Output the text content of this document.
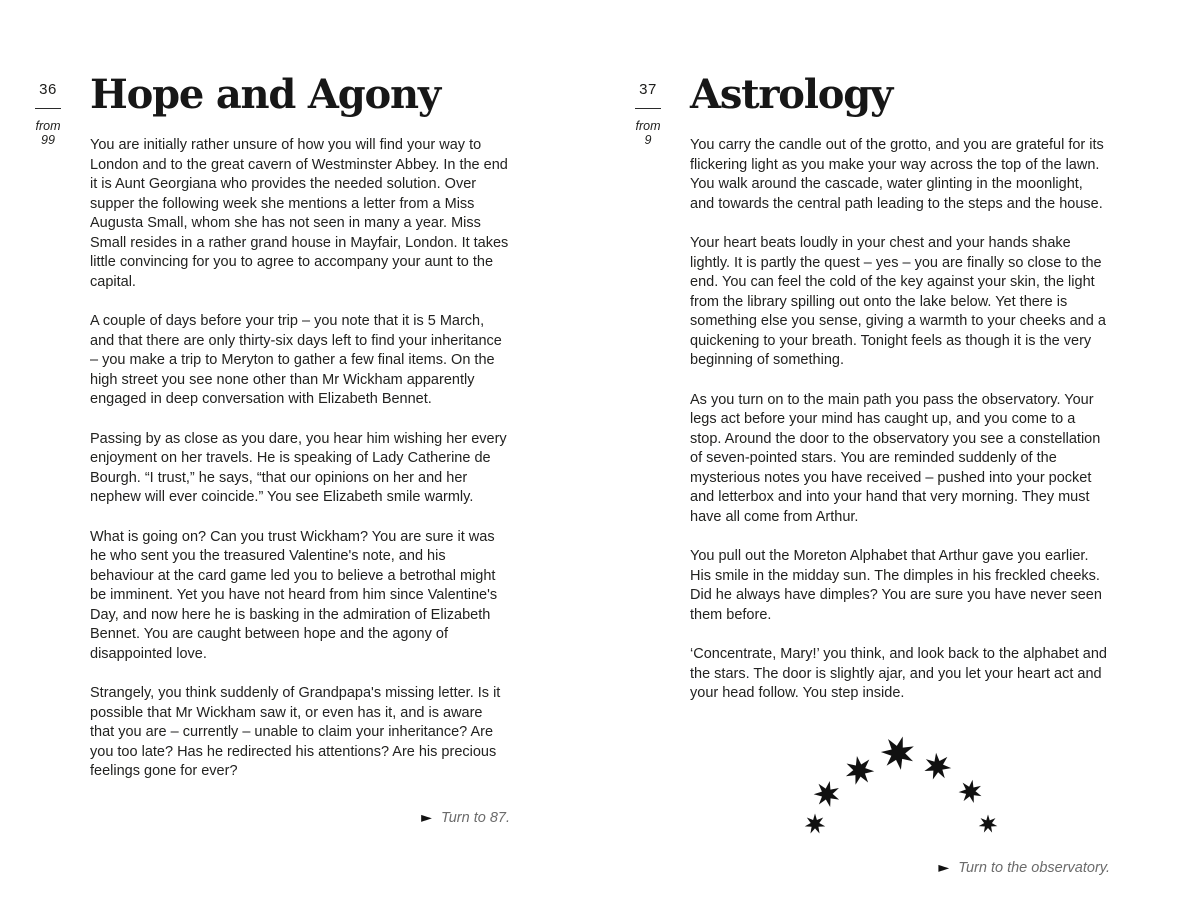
36
from
99
Hope and Agony

You are initially rather unsure of how you will find your way to London and to the great cavern of Westminster Abbey. In the end it is Aunt Georgiana who provides the needed solution. Over supper the following week she mentions a letter from a Miss Augusta Small, whom she has not seen in many a year. Miss Small resides in a rather grand house in Mayfair, London. It takes little convincing for you to agree to accompany your aunt to the capital.

A couple of days before your trip – you note that it is 5 March, and that there are only thirty-six days left to find your inheritance – you make a trip to Meryton to gather a few final items. On the high street you see none other than Mr Wickham apparently engaged in deep conversation with Elizabeth Bennet.

Passing by as close as you dare, you hear him wishing her every enjoyment on her travels. He is speaking of Lady Catherine de Bourgh. “I trust,” he says, “that our opinions on her and her nephew will ever coincide.” You see Elizabeth smile warmly.

What is going on? Can you trust Wickham? You are sure it was he who sent you the treasured Valentine's note, and his behaviour at the card game led you to believe a betrothal might be imminent. Yet you have not heard from him since Valentine's Day, and now here he is basking in the admiration of Elizabeth Bennet. You are caught between hope and the agony of disappointed love.

Strangely, you think suddenly of Grandpapa's missing letter. Is it possible that Mr Wickham saw it, or even has it, and is aware that you are – currently – unable to claim your inheritance? Are you too late? Has he redirected his attentions? Are his precious feelings gone for ever?

► Turn to 87.
37
from
9
Astrology

You carry the candle out of the grotto, and you are grateful for its flickering light as you make your way across the top of the lawn. You walk around the cascade, water glinting in the moonlight, and towards the central path leading to the steps and the house.

Your heart beats loudly in your chest and your hands shake lightly. It is partly the quest – yes – you are finally so close to the end. You can feel the cold of the key against your skin, the light from the library spilling out onto the lake below. Yet there is something else you sense, giving a warmth to your cheeks and a quickening to your breath. Tonight feels as though it is the very beginning of something.

As you turn on to the main path you pass the observatory. Your legs act before your mind has caught up, and you come to a stop. Around the door to the observatory you see a constellation of seven-pointed stars. You are reminded suddenly of the mysterious notes you have received – pushed into your pocket and letterbox and into your hand that very morning. They must have all come from Arthur.

You pull out the Moreton Alphabet that Arthur gave you earlier. His smile in the midday sun. The dimples in his freckled cheeks. Did he always have dimples? You are sure you have never seen them before.

‘Concentrate, Mary!’ you think, and look back to the alphabet and the stars. The door is slightly ajar, and you let your heart act and your head follow. You step inside.

► Turn to the observatory.
